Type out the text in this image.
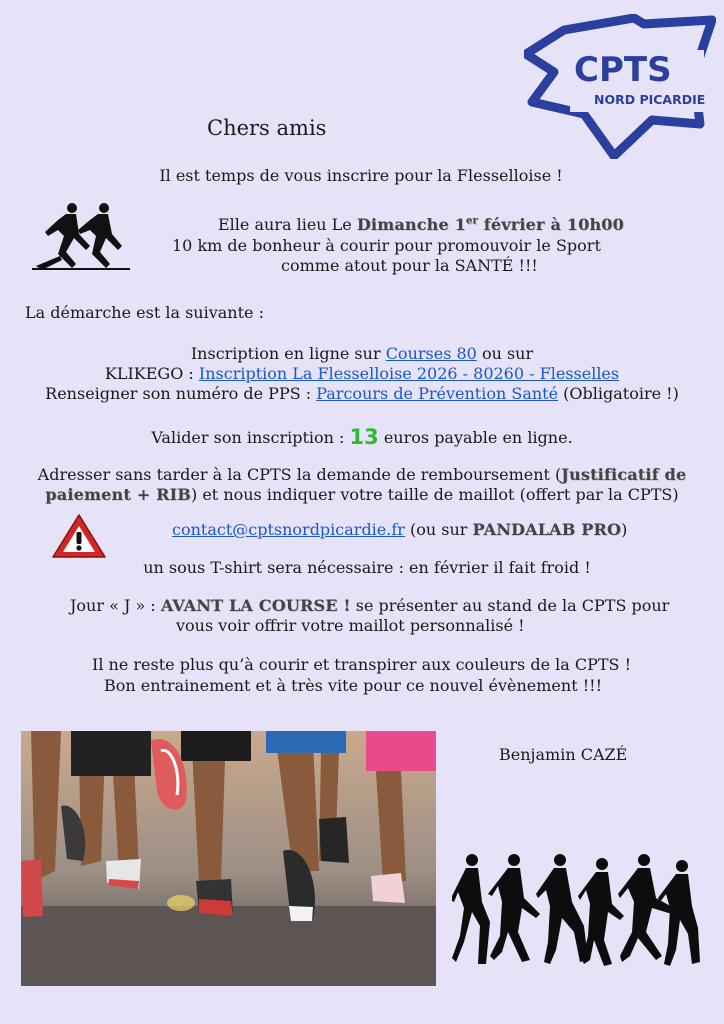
CPTS
NORD PICARDIE
Chers amis
Il est temps de vous inscrire pour la Flesselloise !
Elle aura lieu Le Dimanche 1er février à 10h00
10 km de bonheur à courir pour promouvoir le Sport
comme atout pour la SANTÉ !!!
La démarche est la suivante :
Inscription en ligne sur Courses 80 ou sur
KLIKEGO : Inscription La Flesselloise 2026 - 80260 - Flesselles
Renseigner son numéro de PPS : Parcours de Prévention Santé (Obligatoire !)
Valider son inscription : 13 euros payable en ligne.
Adresser sans tarder à la CPTS la demande de remboursement (Justificatif de
paiement + RIB) et nous indiquer votre taille de maillot (offert par la CPTS)
contact@cptsnordpicardie.fr (ou sur PANDALAB PRO)
un sous T-shirt sera nécessaire : en février il fait froid !
Jour « J » : AVANT LA COURSE ! se présenter au stand de la CPTS pour
vous voir offrir votre maillot personnalisé !
Il ne reste plus qu’à courir et transpirer aux couleurs de la CPTS !
Bon entrainement et à très vite pour ce nouvel évènement !!!
Benjamin CAZÉ
